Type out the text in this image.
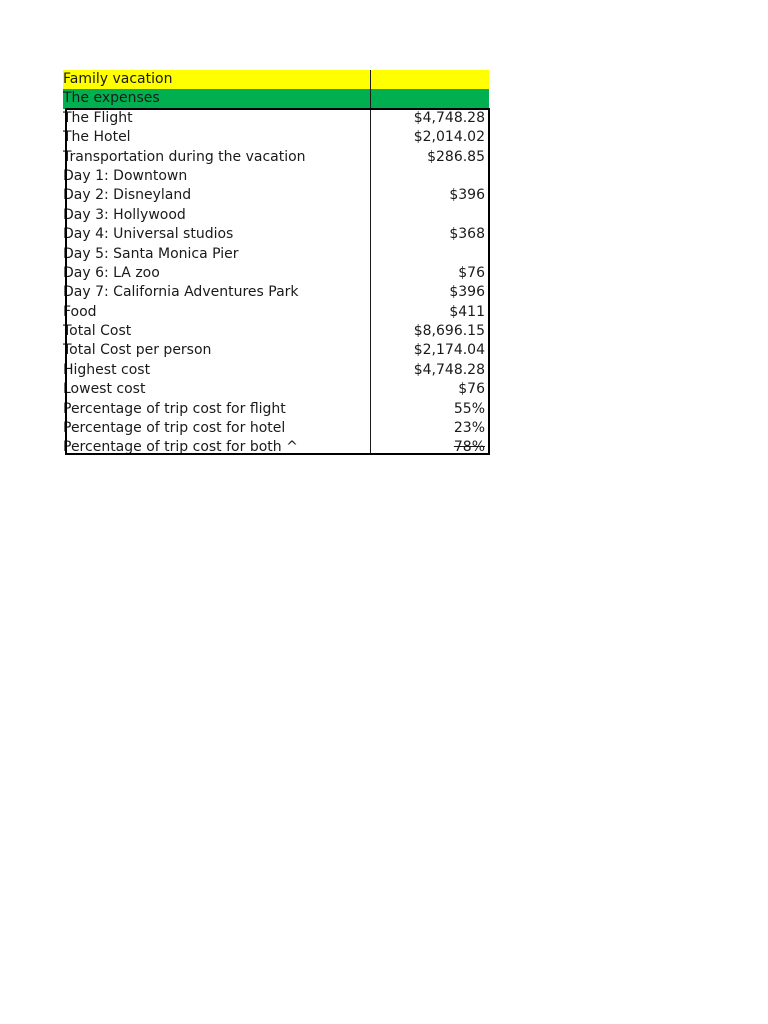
Family vacation
The expenses
The Flight	$4,748.28
The Hotel	$2,014.02
Transportation during the vacation	$286.85
Day 1: Downtown
Day 2: Disneyland	$396
Day 3: Hollywood
Day 4: Universal studios	$368
Day 5: Santa Monica Pier
Day 6: LA zoo	$76
Day 7: California Adventures Park	$396
Food	$411
Total Cost	$8,696.15
Total Cost per person	$2,174.04
Highest cost	$4,748.28
Lowest cost	$76
Percentage of trip cost for flight	55%
Percentage of trip cost for hotel	23%
Percentage of trip cost for both ^	78%
